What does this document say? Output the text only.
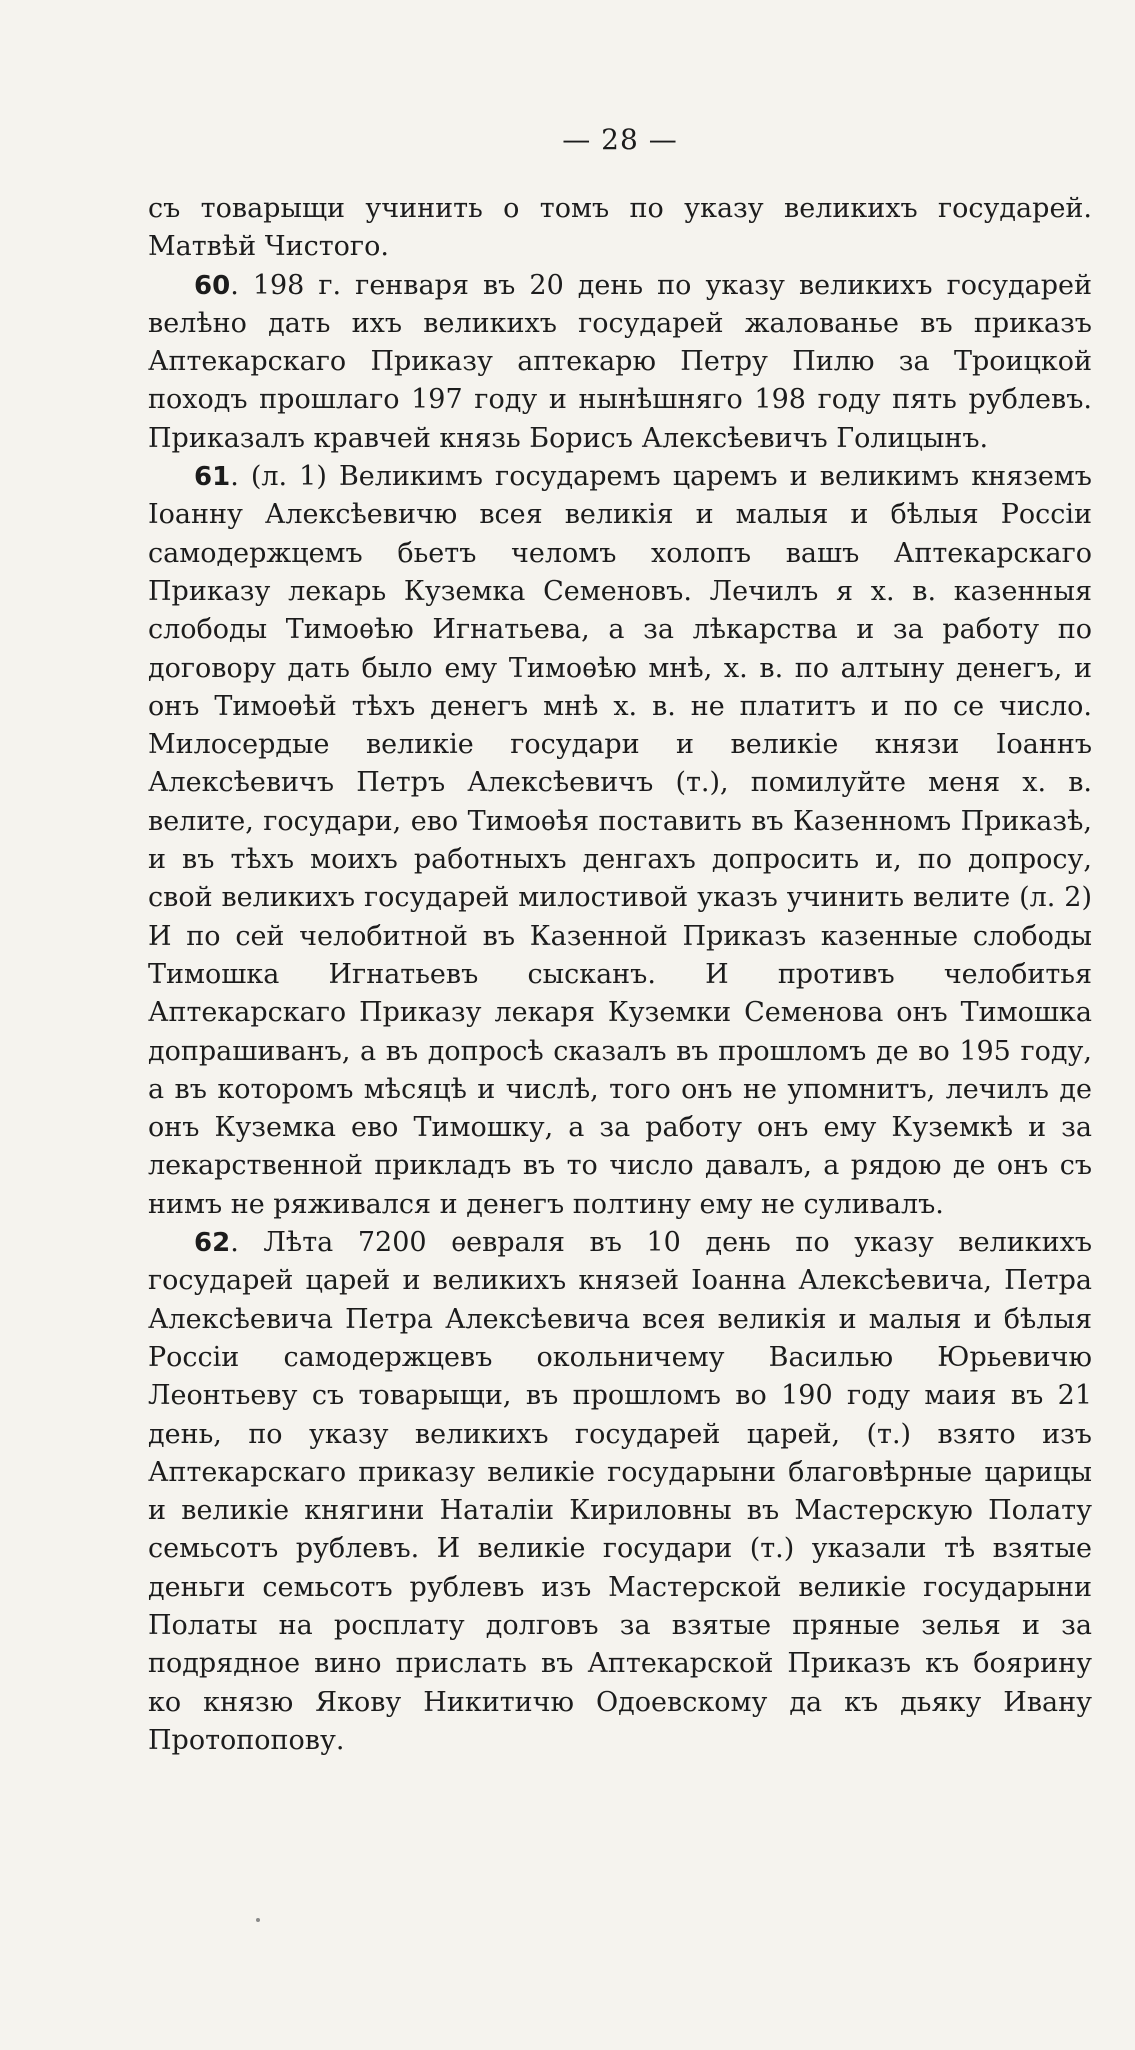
— 28 —

съ товарыщи учинить о томъ по указу великихъ государей. Матвѣй Чистого.

60. 198 г. генваря въ 20 день по указу великихъ государей велѣно дать ихъ великихъ государей жалованье въ приказъ Аптекарскаго Приказу аптекарю Петру Пилю за Троицкой походъ прошлаго 197 году и нынѣшняго 198 году пять рублевъ. Приказалъ кравчей князь Борисъ Алексѣевичъ Голицынъ.

61. (л. 1) Великимъ государемъ царемъ и великимъ княземъ Іоанну Алексѣевичю всея великія и малыя и бѣлыя Россіи самодержцемъ бьетъ челомъ холопъ вашъ Аптекарскаго Приказу лекарь Куземка Семеновъ. Лечилъ я х. в. казенныя слободы Тимоѳѣю Игнатьева, а за лѣкарства и за работу по договору дать было ему Тимоѳѣю мнѣ, х. в. по алтыну денегъ, и онъ Тимоѳѣй тѣхъ денегъ мнѣ х. в. не платитъ и по се число. Милосердые великіе государи и великіе князи Іоаннъ Алексѣевичъ Петръ Алексѣевичъ (т.), помилуйте меня х. в. велите, государи, ево Тимоѳѣя поставить въ Казенномъ Приказѣ, и въ тѣхъ моихъ работныхъ денгахъ допросить и, по допросу, свой великихъ государей милостивой указъ учинить велите (л. 2) И по сей челобитной въ Казенной Приказъ казенные слободы Тимошка Игнатьевъ сысканъ. И противъ челобитья Аптекарскаго Приказу лекаря Куземки Семенова онъ Тимошка допрашиванъ, а въ допросѣ сказалъ въ прошломъ де во 195 году, а въ которомъ мѣсяцѣ и числѣ, того онъ не упомнитъ, лечилъ де онъ Куземка ево Тимошку, а за работу онъ ему Куземкѣ и за лекарственной прикладъ въ то число давалъ, а рядою де онъ съ нимъ не ряживался и денегъ полтину ему не суливалъ.

62. Лѣта 7200 ѳевраля въ 10 день по указу великихъ государей царей и великихъ князей Іоанна Алексѣевича, Петра Алексѣевича Петра Алексѣевича всея великія и малыя и бѣлыя Россіи самодержцевъ окольничему Василью Юрьевичю Леонтьеву съ товарыщи, въ прошломъ во 190 году маия въ 21 день, по указу великихъ государей царей, (т.) взято изъ Аптекарскаго приказу великіе государыни благовѣрные царицы и великіе княгини Наталіи Кириловны въ Мастерскую Полату семьсотъ рублевъ. И великіе государи (т.) указали тѣ взятые деньги семьсотъ рублевъ изъ Мастерской великіе государыни Полаты на росплату долговъ за взятые пряные зелья и за подрядное вино прислать въ Аптекарской Приказъ къ боярину ко князю Якову Никитичю Одоевскому да къ дьяку Ивану Протопопову.
